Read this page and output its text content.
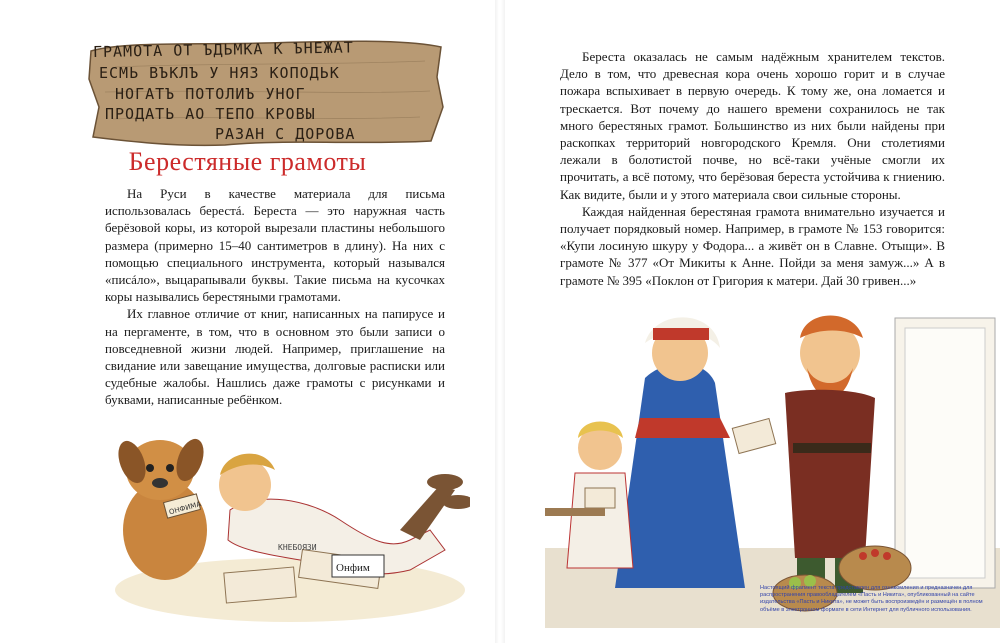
ГРАМОТА ОТ ЪДЬМКА К ЪНЕЖАТ
ЕСМЬ ВЪКЛЪ У НЯЗ КОПОДЬК
НОГАТЪ ПОТОЛИЪ УНОГ
ПРОДАТЬ АО ТЕПО КРОВЫ
РАЗАН С ДОРОВА
Берестяные грамоты

На Руси в качестве материала для письма использовалась берестá. Береста — это наружная часть берёзовой коры, из которой вырезали пластины небольшого размера (примерно 15–40 сантиметров в длину). На них с помощью специального инструмента, который назывался «писáло», выцарапывали буквы. Такие письма на кусочках коры назывались берестяными грамотами.

Их главное отличие от книг, написанных на папирусе и на пергаменте, в том, что в основном это были записи о повседневной жизни людей. Например, приглашение на свидание или завещание имущества, долговые расписки или судебные жалобы. Нашлись даже грамоты с рисунками и буквами, написанные ребёнком.

ОНФИМА
КНЕБОЯЗИ
Онфим

Береста оказалась не самым надёжным хранителем текстов. Дело в том, что древесная кора очень хорошо горит и в случае пожара вспыхивает в первую очередь. К тому же, она ломается и трескается. Вот почему до нашего времени сохранилось не так много берестяных грамот. Большинство из них были найдены при раскопках территорий новгородского Кремля. Они столетиями лежали в болотистой почве, но всё-таки учёные смогли их прочитать, а всё потому, что берёзовая береста устойчива к гниению. Как видите, были и у этого материала свои сильные стороны.

Каждая найденная берестяная грамота внимательно изучается и получает порядковый номер. Например, в грамоте № 153 говорится: «Купи лосиную шкуру у Фодора... а живёт он в Славне. Отыщи». В грамоте № 377 «От Микиты к Анне. Пойди за меня замуж...» А в грамоте № 395 «Поклон от Григория к матери. Дай 30 гривен...»

Настоящий фрагмент текста представлен для ознакомления и предназначен для распространения правообладателем «Пасть и Никита», опубликованный на сайте издательства «Пасть и Никита», не может быть воспроизведён и размещён в полном объёме в электронном формате в сети Интернет для публичного использования.
